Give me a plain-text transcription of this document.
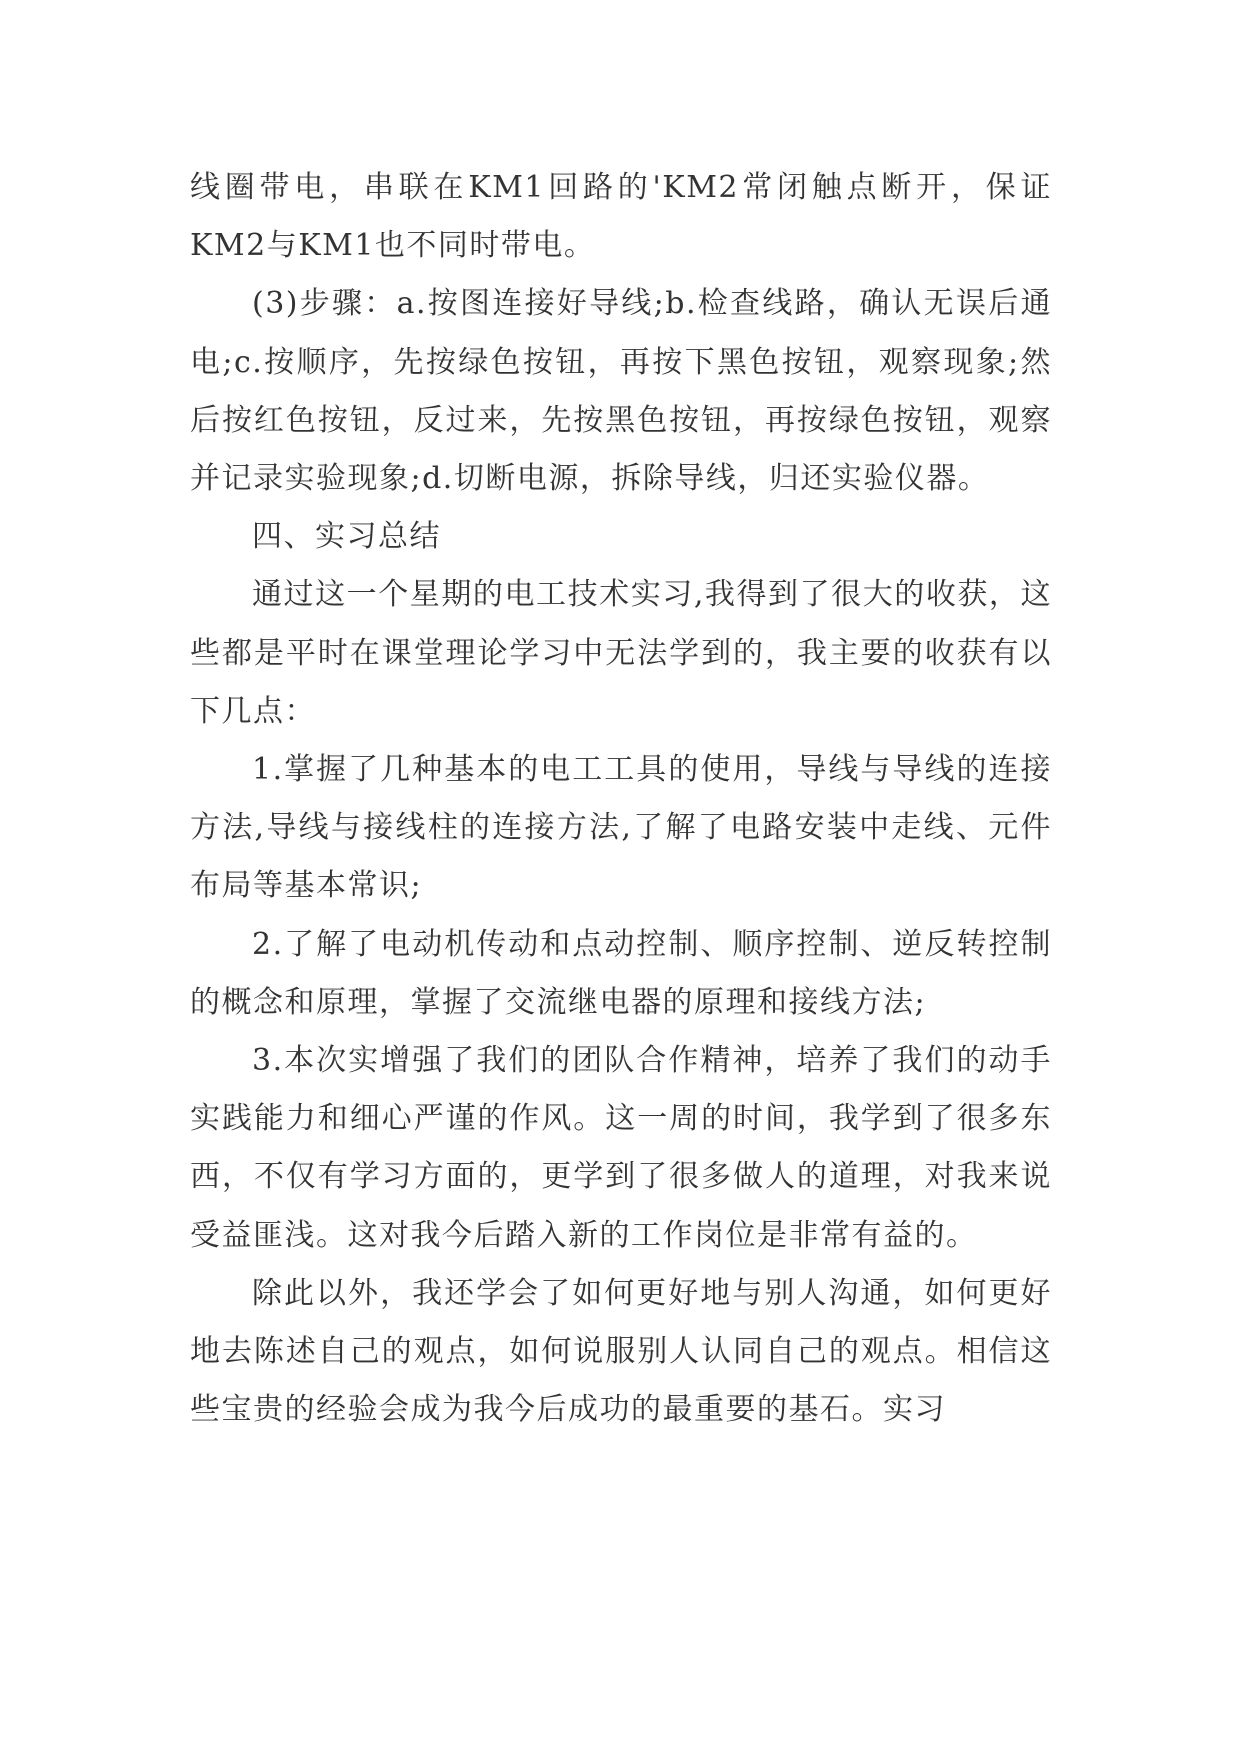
线圈带电，串联在KM1回路的'KM2常闭触点断开，保证KM2与KM1也不同时带电。

(3)步骤：a.按图连接好导线;b.检查线路，确认无误后通电;c.按顺序，先按绿色按钮，再按下黑色按钮，观察现象;然后按红色按钮，反过来，先按黑色按钮，再按绿色按钮，观察并记录实验现象;d.切断电源，拆除导线，归还实验仪器。

四、实习总结

通过这一个星期的电工技术实习,我得到了很大的收获，这些都是平时在课堂理论学习中无法学到的，我主要的收获有以下几点：

1.掌握了几种基本的电工工具的使用，导线与导线的连接方法,导线与接线柱的连接方法,了解了电路安装中走线、元件布局等基本常识;

2.了解了电动机传动和点动控制、顺序控制、逆反转控制的概念和原理，掌握了交流继电器的原理和接线方法;

3.本次实增强了我们的团队合作精神，培养了我们的动手实践能力和细心严谨的作风。这一周的时间，我学到了很多东西，不仅有学习方面的，更学到了很多做人的道理，对我来说受益匪浅。这对我今后踏入新的工作岗位是非常有益的。

除此以外，我还学会了如何更好地与别人沟通，如何更好地去陈述自己的观点，如何说服别人认同自己的观点。相信这些宝贵的经验会成为我今后成功的最重要的基石。实习
